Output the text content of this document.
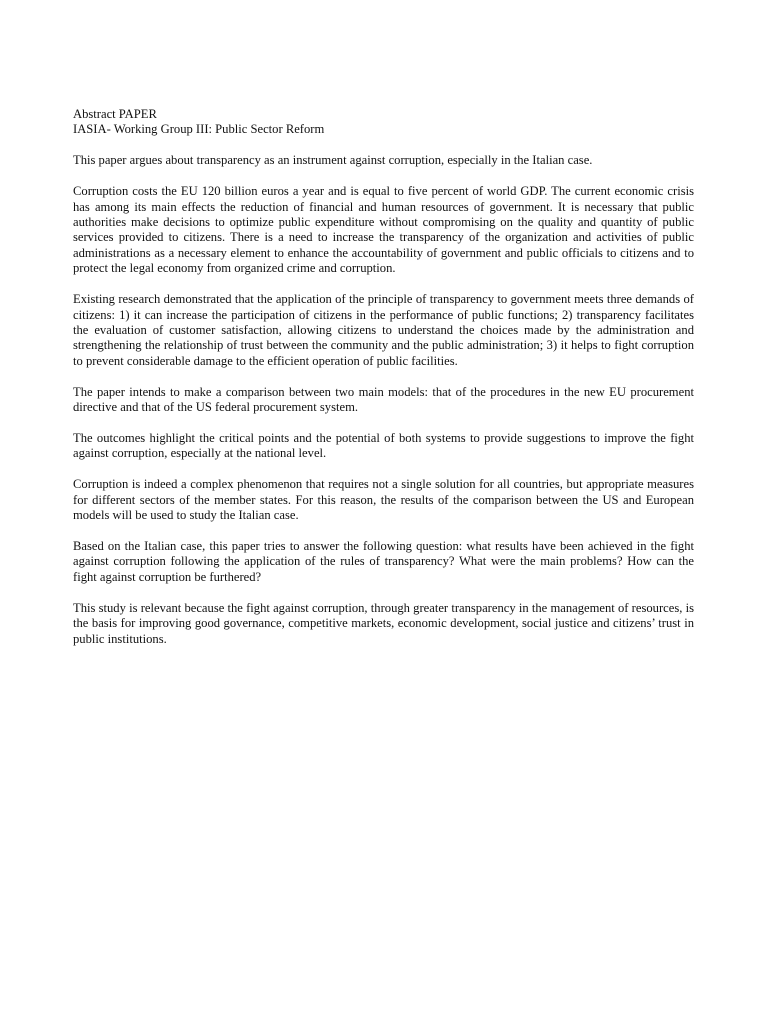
Abstract PAPER
IASIA- Working Group III: Public Sector Reform

This paper argues about transparency as an instrument against corruption, especially in the Italian case.

Corruption costs the EU 120 billion euros a year and is equal to five percent of world GDP. The current economic crisis has among its main effects the reduction of financial and human resources of government. It is necessary that public authorities make decisions to optimize public expenditure without compromising on the quality and quantity of public services provided to citizens. There is a need to increase the transparency of the organization and activities of public administrations as a necessary element to enhance the accountability of government and public officials to citizens and to protect the legal economy from organized crime and corruption.

Existing research demonstrated that the application of the principle of transparency to government meets three demands of citizens: 1) it can increase the participation of citizens in the performance of public functions; 2) transparency facilitates the evaluation of customer satisfaction, allowing citizens to understand the choices made by the administration and strengthening the relationship of trust between the community and the public administration; 3) it helps to fight corruption to prevent considerable damage to the efficient operation of public facilities.

The paper intends to make a comparison between two main models: that of the procedures in the new EU procurement directive and that of the US federal procurement system.

The outcomes highlight the critical points and the potential of both systems to provide suggestions to improve the fight against corruption, especially at the national level.

Corruption is indeed a complex phenomenon that requires not a single solution for all countries, but appropriate measures for different sectors of the member states. For this reason, the results of the comparison between the US and European models will be used to study the Italian case.

Based on the Italian case, this paper tries to answer the following question: what results have been achieved in the fight against corruption following the application of the rules of transparency? What were the main problems? How can the fight against corruption be furthered?

This study is relevant because the fight against corruption, through greater transparency in the management of resources, is the basis for improving good governance, competitive markets, economic development, social justice and citizens’ trust in public institutions.
